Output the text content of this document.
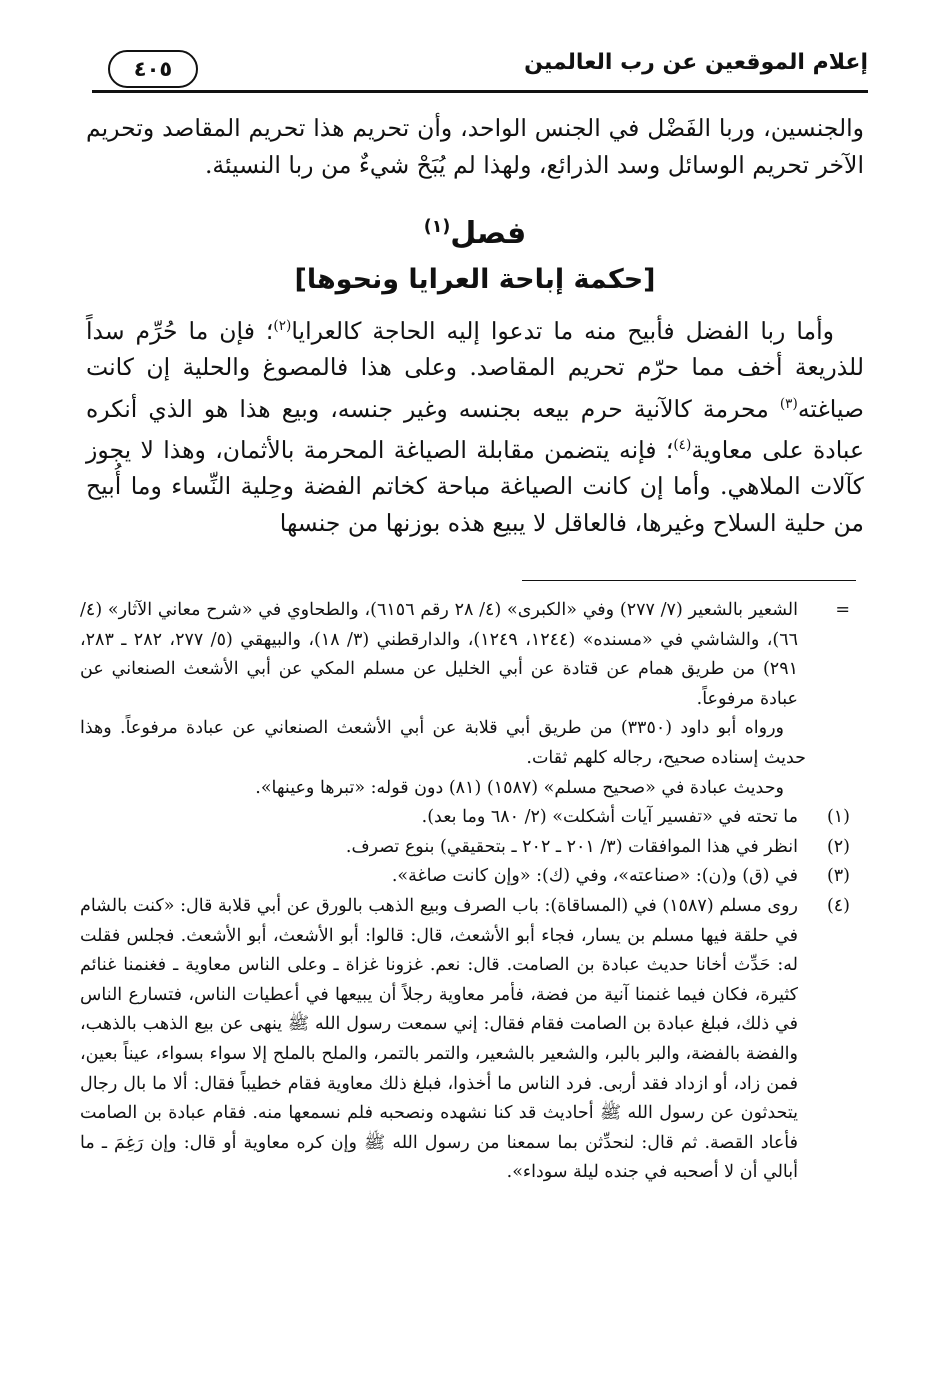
إعلام الموقعين عن رب العالمين
٤٠٥

والجنسين، وربا الفَضْل في الجنس الواحد، وأن تحريم هذا تحريم المقاصد وتحريم الآخر تحريم الوسائل وسد الذرائع، ولهذا لم يُبَحْ شيءٌ من ربا النسيئة.

فصل$^{(١)}$
[حكمة إباحة العرايا ونحوها]

وأما ربا الفضل فأبيح منه ما تدعوا إليه الحاجة كالعرايا$^{(٢)}$؛ فإن ما حُرِّم سداً للذريعة أخف مما حرّم تحريم المقاصد. وعلى هذا فالمصوغ والحلية إن كانت صياغته$^{(٣)}$ محرمة كالآنية حرم بيعه بجنسه وغير جنسه، وبيع هذا هو الذي أنكره عبادة على معاوية$^{(٤)}$؛ فإنه يتضمن مقابلة الصياغة المحرمة بالأثمان، وهذا لا يجوز كآلات الملاهي. وأما إن كانت الصياغة مباحة كخاتم الفضة وحِلية النِّساء وما أُبيح من حلية السلاح وغيرها، فالعاقل لا يبيع هذه بوزنها من جنسها

=
الشعير بالشعير (٧/ ٢٧٧) وفي «الكبرى» (٤/ ٢٨ رقم ٦١٥٦)، والطحاوي في «شرح معاني الآثار» (٤/ ٦٦)، والشاشي في «مسنده» (١٢٤٤، ١٢٤٩)، والدارقطني (٣/ ١٨)، والبيهقي (٥/ ٢٧٧، ٢٨٢ ـ ٢٨٣، ٢٩١) من طريق همام عن قتادة عن أبي الخليل عن مسلم المكي عن أبي الأشعث الصنعاني عن عبادة مرفوعاً.

ورواه أبو داود (٣٣٥٠) من طريق أبي قلابة عن أبي الأشعث الصنعاني عن عبادة مرفوعاً. وهذا حديث إسناده صحيح، رجاله كلهم ثقات.

وحديث عبادة في «صحيح مسلم» (١٥٨٧) (٨١) دون قوله: «تبرها وعينها».

(١)
ما تحته في «تفسير آيات أشكلت» (٢/ ٦٨٠ وما بعد).
(٢)
انظر في هذا الموافقات (٣/ ٢٠١ ـ ٢٠٢ ـ بتحقيقي) بنوع تصرف.
(٣)
في (ق) و(ن): «صناعته»، وفي (ك): «وإن كانت صاغة».
(٤)
روى مسلم (١٥٨٧) في (المساقاة): باب الصرف وبيع الذهب بالورق عن أبي قلابة قال: «كنت بالشام في حلقة فيها مسلم بن يسار، فجاء أبو الأشعث، قال: قالوا: أبو الأشعث، أبو الأشعث. فجلس فقلت له: حَدِّث أخانا حديث عبادة بن الصامت. قال: نعم. غزونا غزاة ـ وعلى الناس معاوية ـ فغنمنا غنائم كثيرة، فكان فيما غنمنا آنية من فضة، فأمر معاوية رجلاً أن يبيعها في أعطيات الناس، فتسارع الناس في ذلك، فبلغ عبادة بن الصامت فقام فقال: إني سمعت رسول الله ﷺ ينهى عن بيع الذهب بالذهب، والفضة بالفضة، والبر بالبر، والشعير بالشعير، والتمر بالتمر، والملح بالملح إلا سواء بسواء، عيناً بعين، فمن زاد، أو ازداد فقد أربى. فرد الناس ما أخذوا، فبلغ ذلك معاوية فقام خطيباً فقال: ألا ما بال رجال يتحدثون عن رسول الله ﷺ أحاديث قد كنا نشهده ونصحبه فلم نسمعها منه. فقام عبادة بن الصامت فأعاد القصة. ثم قال: لنحدِّثن بما سمعنا من رسول الله ﷺ وإن كره معاوية أو قال: وإن رَغِمَ ـ ما أبالي أن لا أصحبه في جنده ليلة سوداء».
